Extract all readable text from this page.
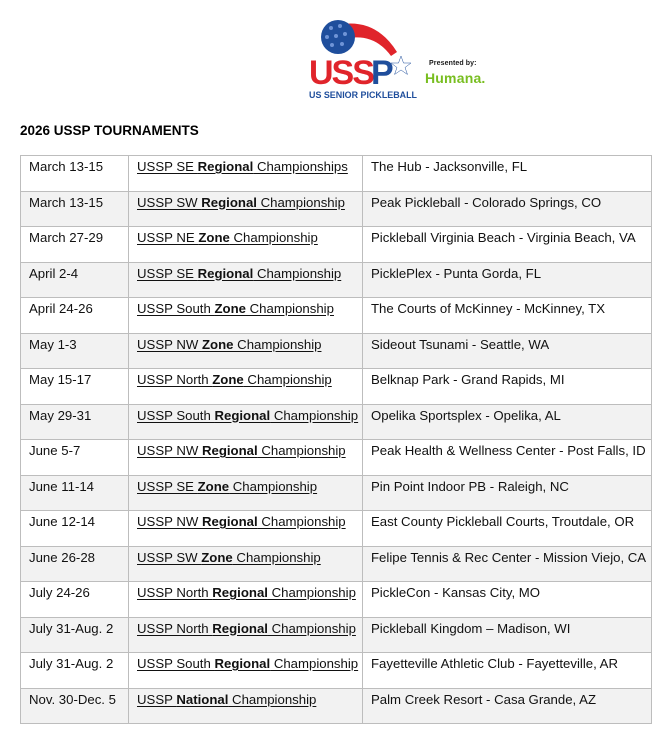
USS
P
US SENIOR PICKLEBALL
Presented by:
Humana.
2026 USSP TOURNAMENTS
March 13-15	USSP SE Regional Championships	The Hub - Jacksonville, FL
March 13-15	USSP SW Regional Championship	Peak Pickleball - Colorado Springs, CO
March 27-29	USSP NE Zone Championship	Pickleball Virginia Beach - Virginia Beach, VA
April 2-4	USSP SE Regional Championship	PicklePlex - Punta Gorda, FL
April 24-26	USSP South Zone Championship	The Courts of McKinney - McKinney, TX
May 1-3	USSP NW Zone Championship	Sideout Tsunami - Seattle, WA
May 15-17	USSP North Zone Championship	Belknap Park - Grand Rapids, MI
May 29-31	USSP South Regional Championship	Opelika Sportsplex - Opelika, AL
June 5-7	USSP NW Regional Championship	Peak Health & Wellness Center - Post Falls, ID
June 11-14	USSP SE Zone Championship	Pin Point Indoor PB - Raleigh, NC
June 12-14	USSP NW Regional Championship	East County Pickleball Courts, Troutdale, OR
June 26-28	USSP SW Zone Championship	Felipe Tennis & Rec Center - Mission Viejo, CA
July 24-26	USSP North Regional Championship	PickleCon - Kansas City, MO
July 31-Aug. 2	USSP North Regional Championship	Pickleball Kingdom – Madison, WI
July 31-Aug. 2	USSP South Regional Championship	Fayetteville Athletic Club - Fayetteville, AR
Nov. 30-Dec. 5	USSP National Championship	Palm Creek Resort - Casa Grande, AZ
